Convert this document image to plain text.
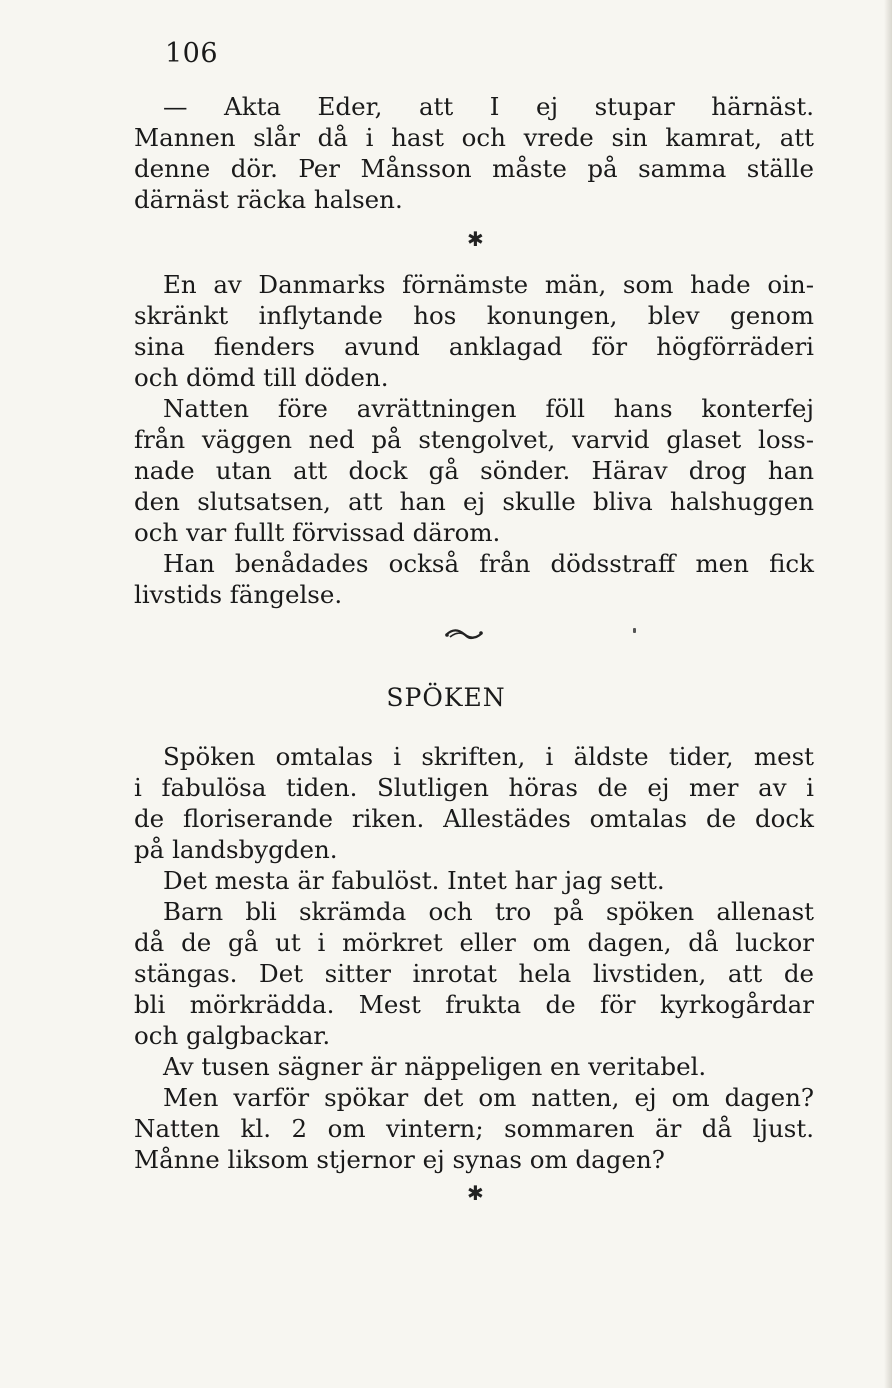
106
— Akta Eder, att I ej stupar härnäst.
Mannen slår då i hast och vrede sin kamrat, att
denne dör. Per Månsson måste på samma ställe
därnäst räcka halsen.
✱
En av Danmarks förnämste män, som hade oin-
skränkt inflytande hos konungen, blev genom
sina fienders avund anklagad för högförräderi
och dömd till döden.
Natten före avrättningen föll hans konterfej
från väggen ned på stengolvet, varvid glaset loss-
nade utan att dock gå sönder. Härav drog han
den slutsatsen, att han ej skulle bliva halshuggen
och var fullt förvissad därom.
Han benådades också från dödsstraff men fick
livstids fängelse.
SPÖKEN
Spöken omtalas i skriften, i äldste tider, mest
i fabulösa tiden. Slutligen höras de ej mer av i
de floriserande riken. Allestädes omtalas de dock
på landsbygden.
Det mesta är fabulöst. Intet har jag sett.
Barn bli skrämda och tro på spöken allenast
då de gå ut i mörkret eller om dagen, då luckor
stängas. Det sitter inrotat hela livstiden, att de
bli mörkrädda. Mest frukta de för kyrkogårdar
och galgbackar.
Av tusen sägner är näppeligen en veritabel.
Men varför spökar det om natten, ej om dagen?
Natten kl. 2 om vintern; sommaren är då ljust.
Månne liksom stjernor ej synas om dagen?
✱
